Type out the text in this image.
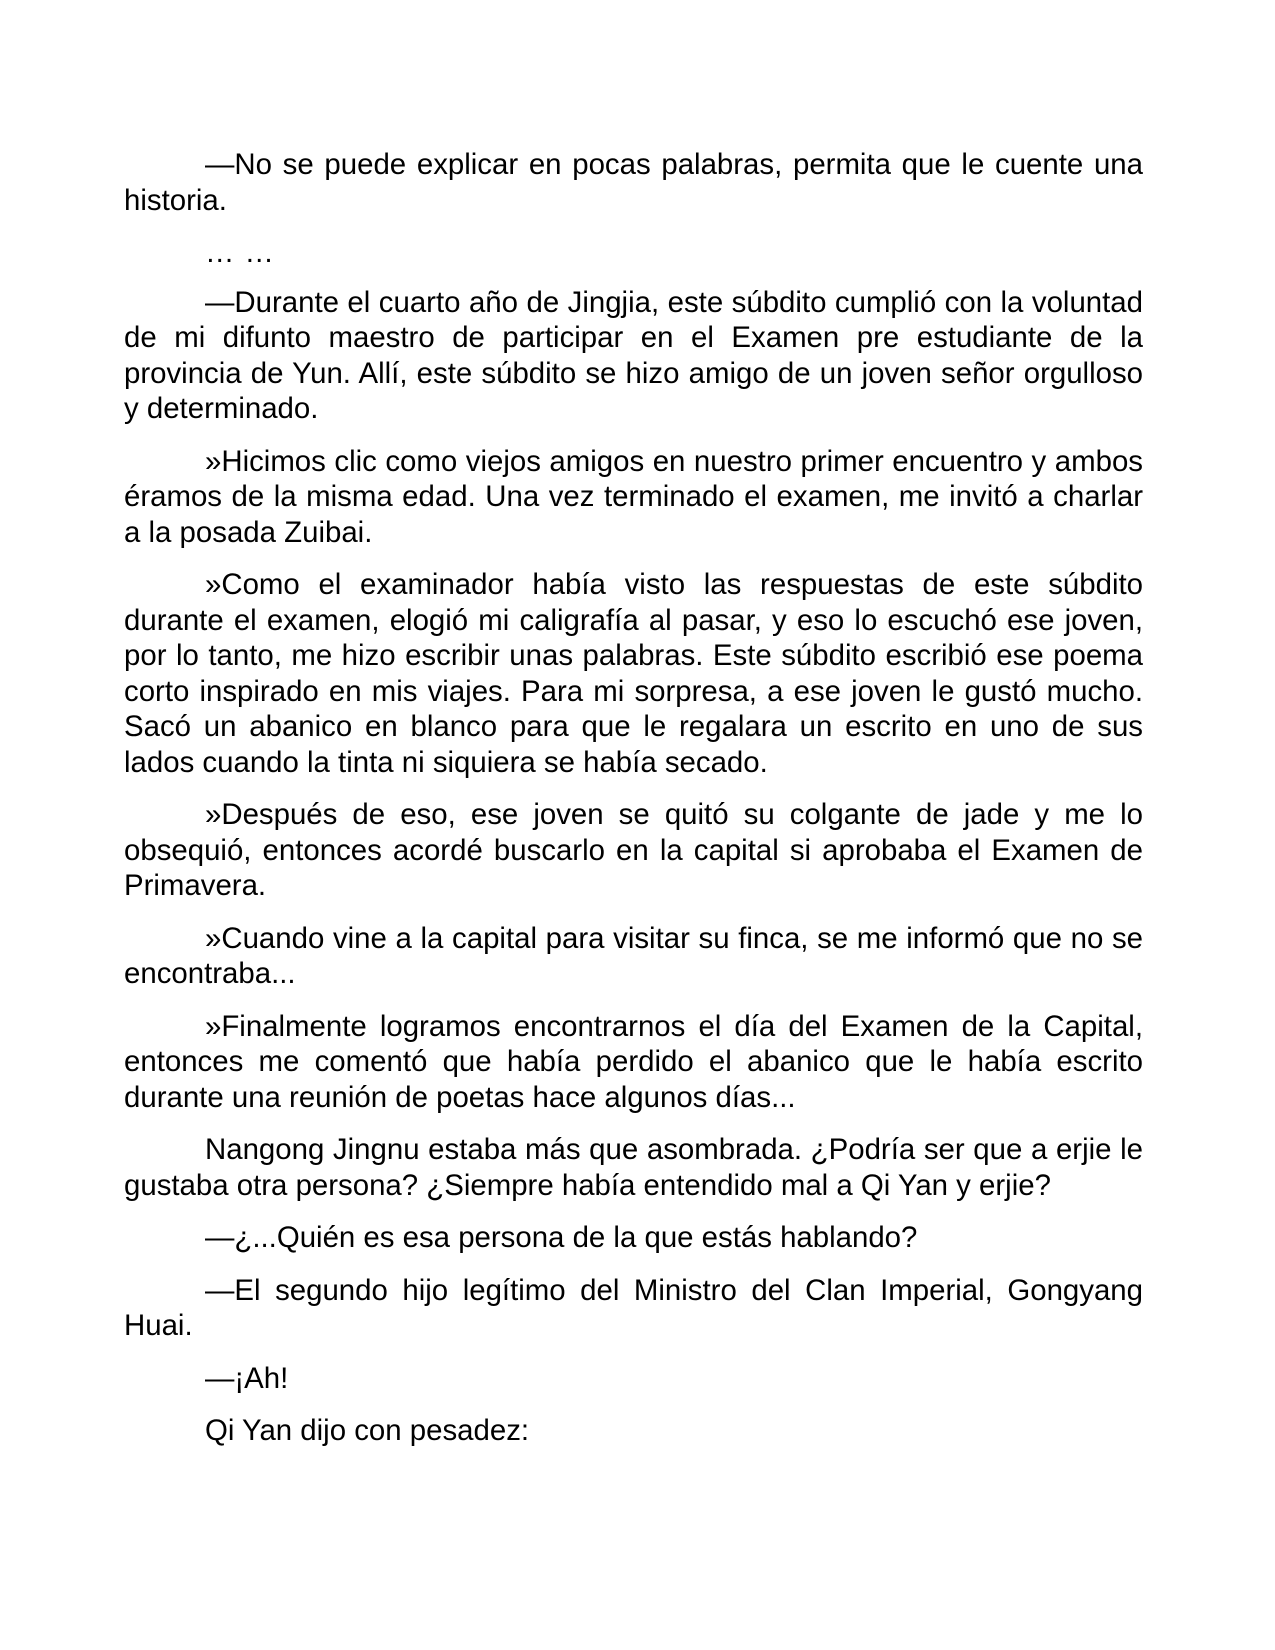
—No se puede explicar en pocas palabras, permita que le cuente una historia.

… …

—Durante el cuarto año de Jingjia, este súbdito cumplió con la voluntad de mi difunto maestro de participar en el Examen pre estudiante de la provincia de Yun. Allí, este súbdito se hizo amigo de un joven señor orgulloso y determinado.

»Hicimos clic como viejos amigos en nuestro primer encuentro y ambos éramos de la misma edad. Una vez terminado el examen, me invitó a charlar a la posada Zuibai.

»Como el examinador había visto las respuestas de este súbdito durante el examen, elogió mi caligrafía al pasar, y eso lo escuchó ese joven, por lo tanto, me hizo escribir unas palabras. Este súbdito escribió ese poema corto inspirado en mis viajes. Para mi sorpresa, a ese joven le gustó mucho. Sacó un abanico en blanco para que le regalara un escrito en uno de sus lados cuando la tinta ni siquiera se había secado.

»Después de eso, ese joven se quitó su colgante de jade y me lo obsequió, entonces acordé buscarlo en la capital si aprobaba el Examen de Primavera.

»Cuando vine a la capital para visitar su finca, se me informó que no se encontraba...

»Finalmente logramos encontrarnos el día del Examen de la Capital, entonces me comentó que había perdido el abanico que le había escrito durante una reunión de poetas hace algunos días...

Nangong Jingnu estaba más que asombrada. ¿Podría ser que a erjie le gustaba otra persona? ¿Siempre había entendido mal a Qi Yan y erjie?

—¿...Quién es esa persona de la que estás hablando?

—El segundo hijo legítimo del Ministro del Clan Imperial, Gongyang Huai.

—¡Ah!

Qi Yan dijo con pesadez:
